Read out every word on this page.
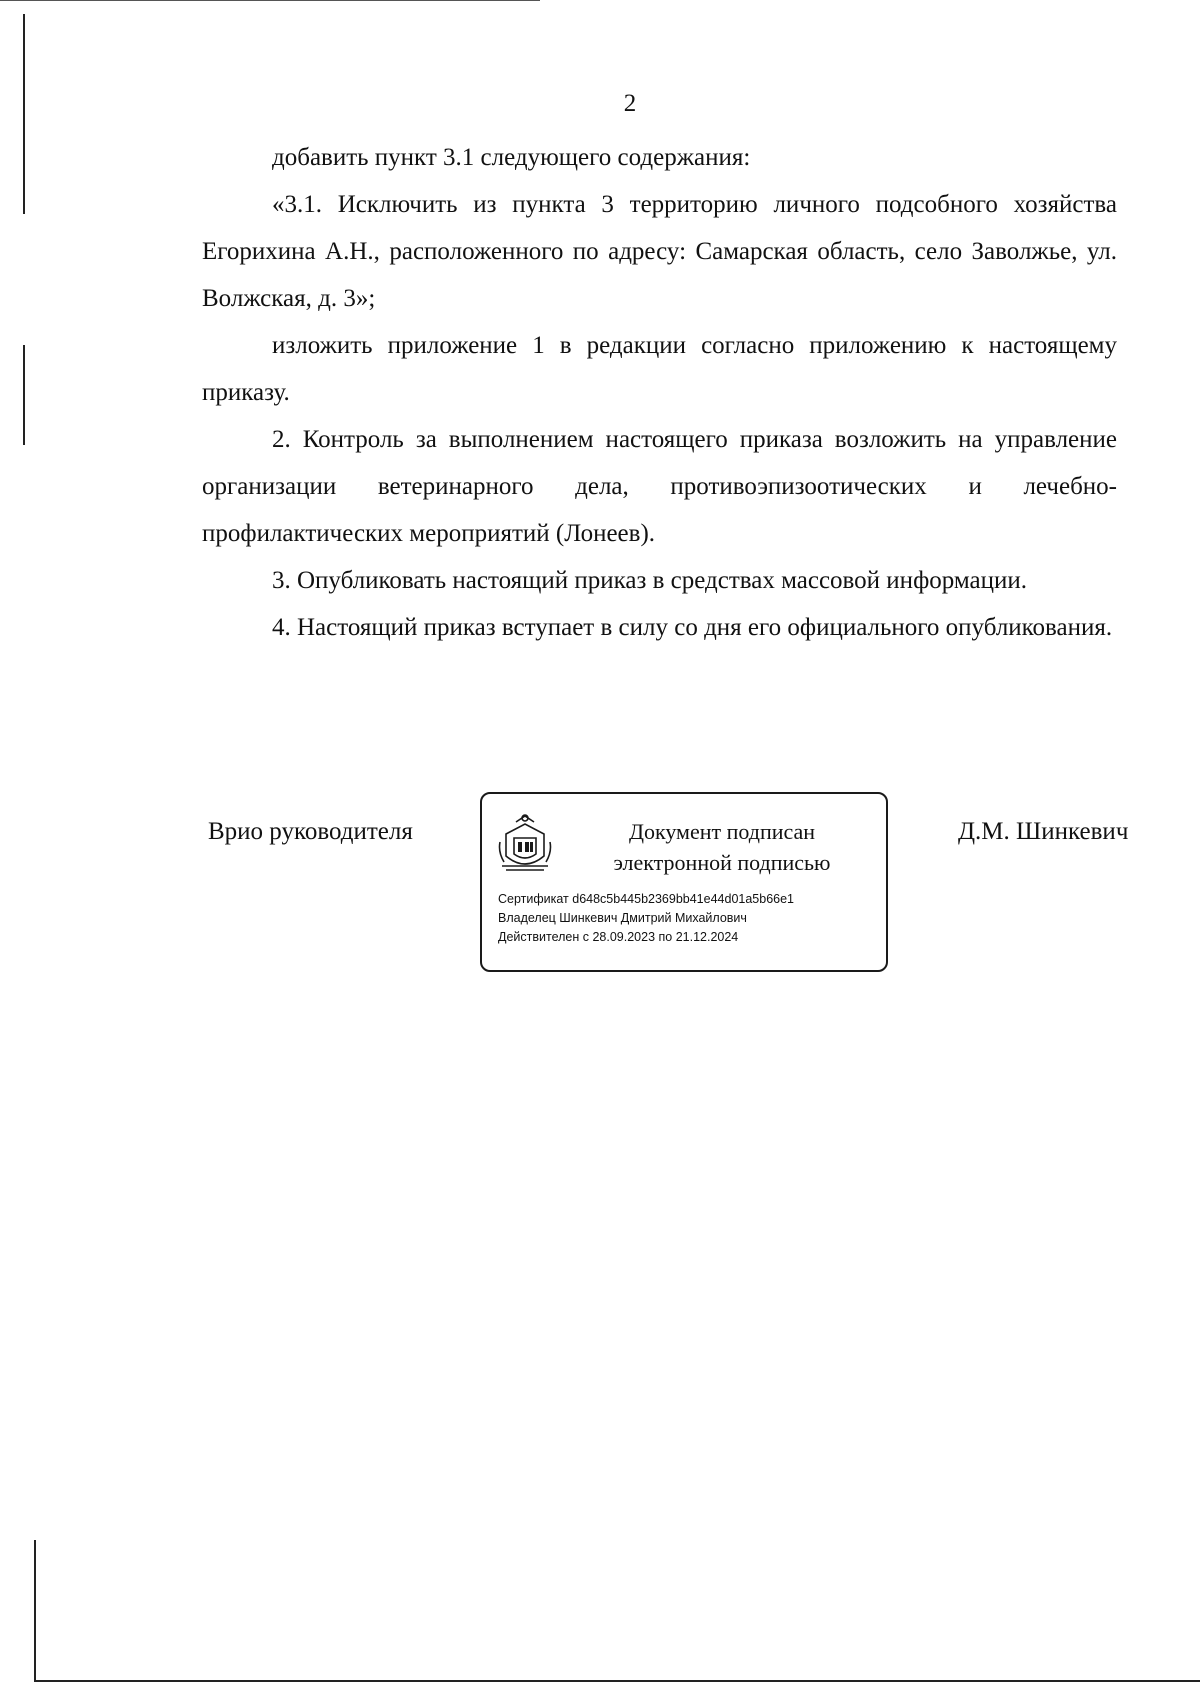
2

добавить пункт 3.1 следующего содержания:

«3.1. Исключить из пункта 3 территорию личного подсобного хозяйства Егорихина А.Н., расположенного по адресу: Самарская область, село Заволжье, ул. Волжская, д. 3»;

изложить приложение 1 в редакции согласно приложению к настоящему приказу.

2. Контроль за выполнением настоящего приказа возложить на управление организации ветеринарного дела, противоэпизоотических и лечебно-профилактических мероприятий (Лонеев).

3. Опубликовать настоящий приказ в средствах массовой информации.

4. Настоящий приказ вступает в силу со дня его официального опубликования.

Врио руководителя	Документ подписан
электронной подписью
Сертификат d648c5b445b2369bb41e44d01a5b66e1
Владелец Шинкевич Дмитрий Михайлович
Действителен с 28.09.2023 по 21.12.2024
Д.М. Шинкевич
